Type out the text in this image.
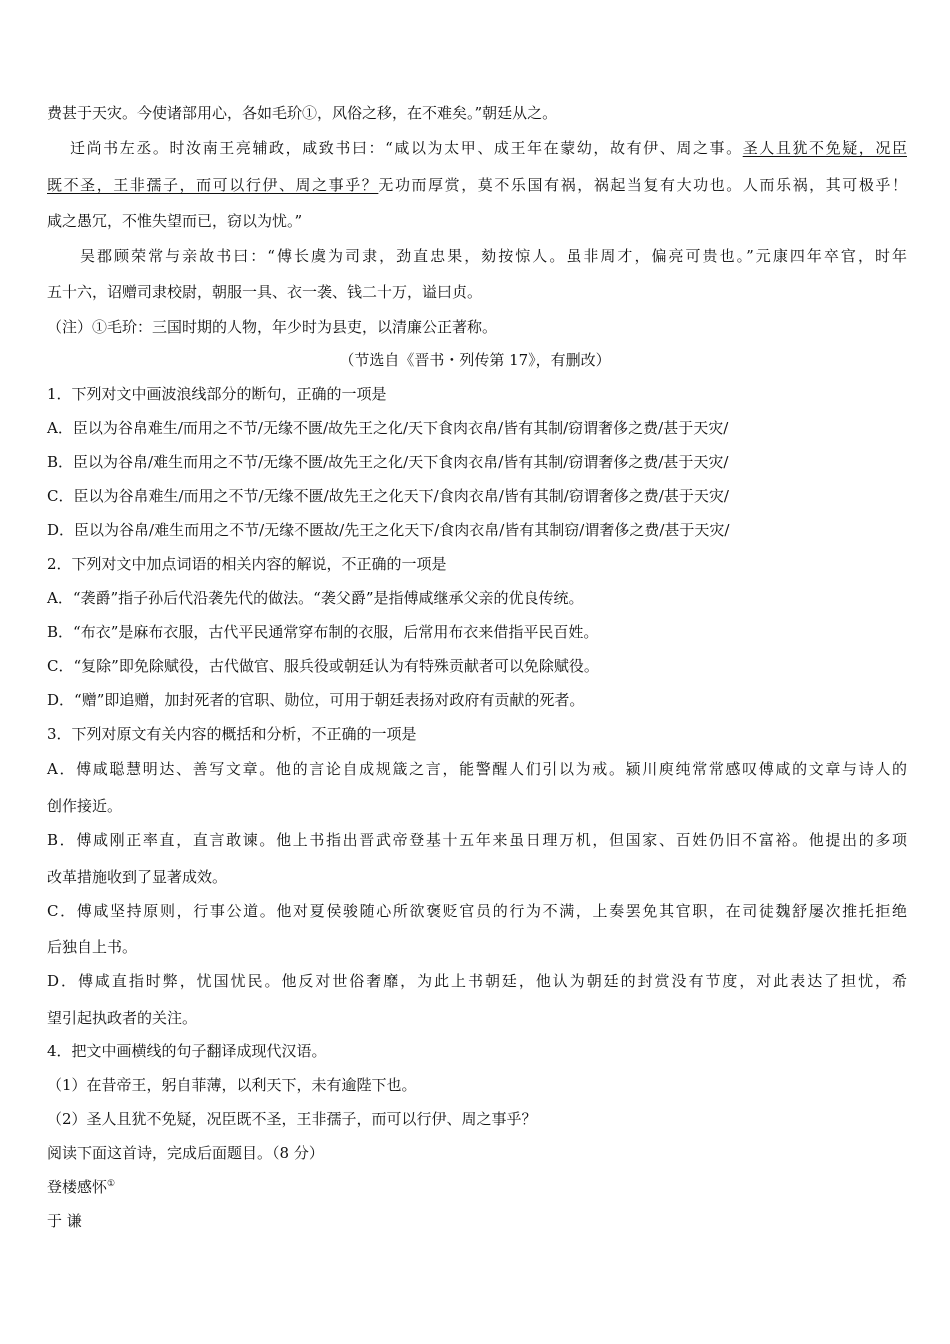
费甚于天灾。今使诸部用心，各如毛玠①，风俗之移，在不难矣。”朝廷从之。
迁尚书左丞。时汝南王亮辅政，咸致书曰：“咸以为太甲、成王年在蒙幼，故有伊、周之事。圣人且犹不免疑，况臣
既不圣，王非孺子，而可以行伊、周之事乎？无功而厚赏，莫不乐国有祸，祸起当复有大功也。人而乐祸，其可极乎！
咸之愚冗，不惟失望而已，窃以为忧。”
吴郡顾荣常与亲故书曰：“傅长虞为司隶，劲直忠果，劾按惊人。虽非周才，偏亮可贵也。”元康四年卒官，时年
五十六，诏赠司隶校尉，朝服一具、衣一袭、钱二十万，谥曰贞。
（注）①毛玠：三国时期的人物，年少时为县吏，以清廉公正著称。
（节选自《晋书・列传第 17》，有删改）
1．下列对文中画波浪线部分的断句，正确的一项是
A．臣以为谷帛难生/而用之不节/无缘不匮/故先王之化/天下食肉衣帛/皆有其制/窃谓奢侈之费/甚于天灾/
B．臣以为谷帛/难生而用之不节/无缘不匮/故先王之化/天下食肉衣帛/皆有其制/窃谓奢侈之费/甚于天灾/
C．臣以为谷帛难生/而用之不节/无缘不匮/故先王之化天下/食肉衣帛/皆有其制/窃谓奢侈之费/甚于天灾/
D．臣以为谷帛/难生而用之不节/无缘不匮故/先王之化天下/食肉衣帛/皆有其制窃/谓奢侈之费/甚于天灾/
2．下列对文中加点词语的相关内容的解说，不正确的一项是
A．“袭爵”指子孙后代沿袭先代的做法。“袭父爵”是指傅咸继承父亲的优良传统。
B．“布衣”是麻布衣服，古代平民通常穿布制的衣服，后常用布衣来借指平民百姓。
C．“复除”即免除赋役，古代做官、服兵役或朝廷认为有特殊贡献者可以免除赋役。
D．“赠”即追赠，加封死者的官职、勋位，可用于朝廷表扬对政府有贡献的死者。
3．下列对原文有关内容的概括和分析，不正确的一项是
A．傅咸聪慧明达、善写文章。他的言论自成规箴之言，能警醒人们引以为戒。颍川庾纯常常感叹傅咸的文章与诗人的
创作接近。
B．傅咸刚正率直，直言敢谏。他上书指出晋武帝登基十五年来虽日理万机，但国家、百姓仍旧不富裕。他提出的多项
改革措施收到了显著成效。
C．傅咸坚持原则，行事公道。他对夏侯骏随心所欲褒贬官员的行为不满，上奏罢免其官职，在司徒魏舒屡次推托拒绝
后独自上书。
D．傅咸直指时弊，忧国忧民。他反对世俗奢靡，为此上书朝廷，他认为朝廷的封赏没有节度，对此表达了担忧，希
望引起执政者的关注。
4．把文中画横线的句子翻译成现代汉语。
（1）在昔帝王，躬自菲薄，以利天下，未有逾陛下也。
（2）圣人且犹不免疑，况臣既不圣，王非孺子，而可以行伊、周之事乎？
阅读下面这首诗，完成后面题目。（8 分）
登楼感怀①
于 谦
